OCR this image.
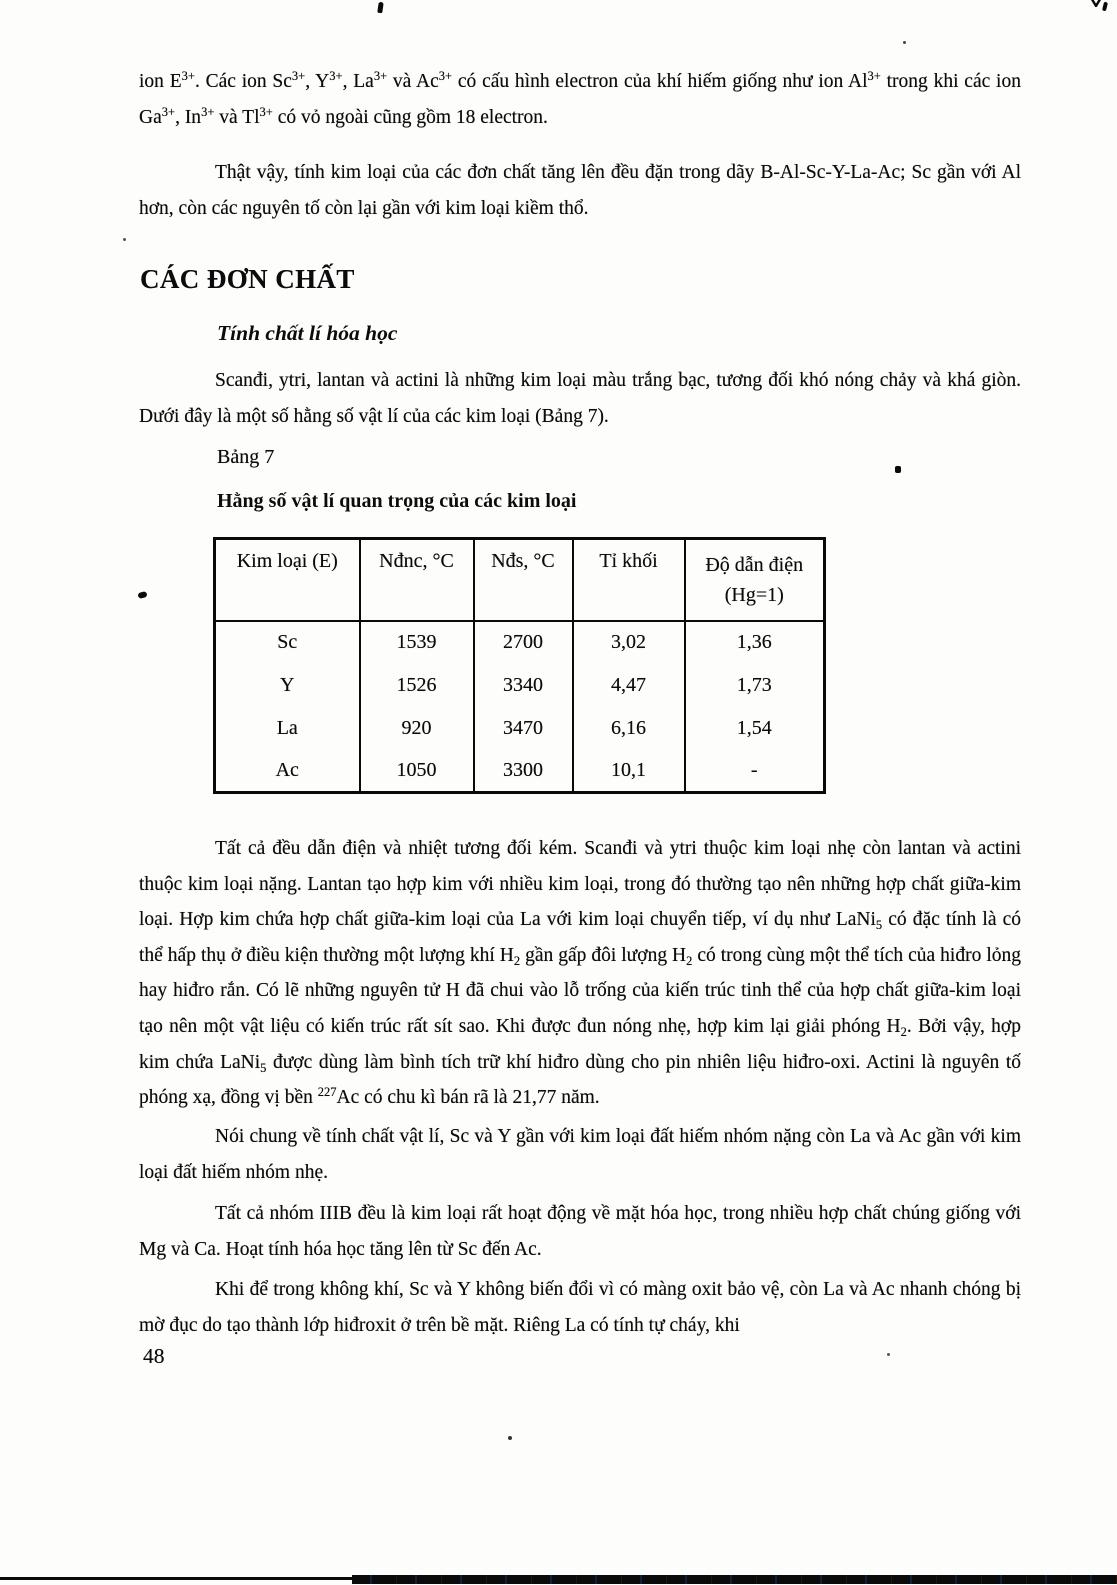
ion $E^{3+}$. Các ion $Sc^{3+}$, $Y^{3+}$, $La^{3+}$ và $Ac^{3+}$ có cấu hình electron của khí hiếm giống như ion $Al^{3+}$ trong khi các ion $Ga^{3+}$, $In^{3+}$ và $Tl^{3+}$ có vỏ ngoài cũng gồm 18 electron.

Thật vậy, tính kim loại của các đơn chất tăng lên đều đặn trong dãy B-Al-Sc-Y-La-Ac; Sc gần với Al hơn, còn các nguyên tố còn lại gần với kim loại kiềm thổ.

CÁC ĐƠN CHẤT
Tính chất lí hóa học

Scanđi, ytri, lantan và actini là những kim loại màu trắng bạc, tương đối khó nóng chảy và khá giòn. Dưới đây là một số hằng số vật lí của các kim loại (Bảng 7).

Bảng 7
Hằng số vật lí quan trọng của các kim loại
Kim loại (E)	Nđnc, °C	Nđs, °C	Tỉ khối	Độ dẫn điện
(Hg=1)

Sc	1539	2700	3,02	1,36
Y	1526	3340	4,47	1,73
La	920	3470	6,16	1,54
Ac	1050	3300	10,1	-

Tất cả đều dẫn điện và nhiệt tương đối kém. Scanđi và ytri thuộc kim loại nhẹ còn lantan và actini thuộc kim loại nặng. Lantan tạo hợp kim với nhiều kim loại, trong đó thường tạo nên những hợp chất giữa-kim loại. Hợp kim chứa hợp chất giữa-kim loại của La với kim loại chuyển tiếp, ví dụ như LaNi$_5$ có đặc tính là có thể hấp thụ ở điều kiện thường một lượng khí $H_2$ gần gấp đôi lượng $H_2$ có trong cùng một thể tích của hiđro lỏng hay hiđro rắn. Có lẽ những nguyên tử H đã chui vào lỗ trống của kiến trúc tinh thể của hợp chất giữa-kim loại tạo nên một vật liệu có kiến trúc rất sít sao. Khi được đun nóng nhẹ, hợp kim lại giải phóng $H_2$. Bởi vậy, hợp kim chứa LaNi$_5$ được dùng làm bình tích trữ khí hiđro dùng cho pin nhiên liệu hiđro-oxi. Actini là nguyên tố phóng xạ, đồng vị bền $^{227}$Ac có chu kì bán rã là 21,77 năm.

Nói chung về tính chất vật lí, Sc và Y gần với kim loại đất hiếm nhóm nặng còn La và Ac gần với kim loại đất hiếm nhóm nhẹ.

Tất cả nhóm IIIB đều là kim loại rất hoạt động về mặt hóa học, trong nhiều hợp chất chúng giống với Mg và Ca. Hoạt tính hóa học tăng lên từ Sc đến Ac.

Khi để trong không khí, Sc và Y không biến đổi vì có màng oxit bảo vệ, còn La và Ac nhanh chóng bị mờ đục do tạo thành lớp hiđroxit ở trên bề mặt. Riêng La có tính tự cháy, khi

48
